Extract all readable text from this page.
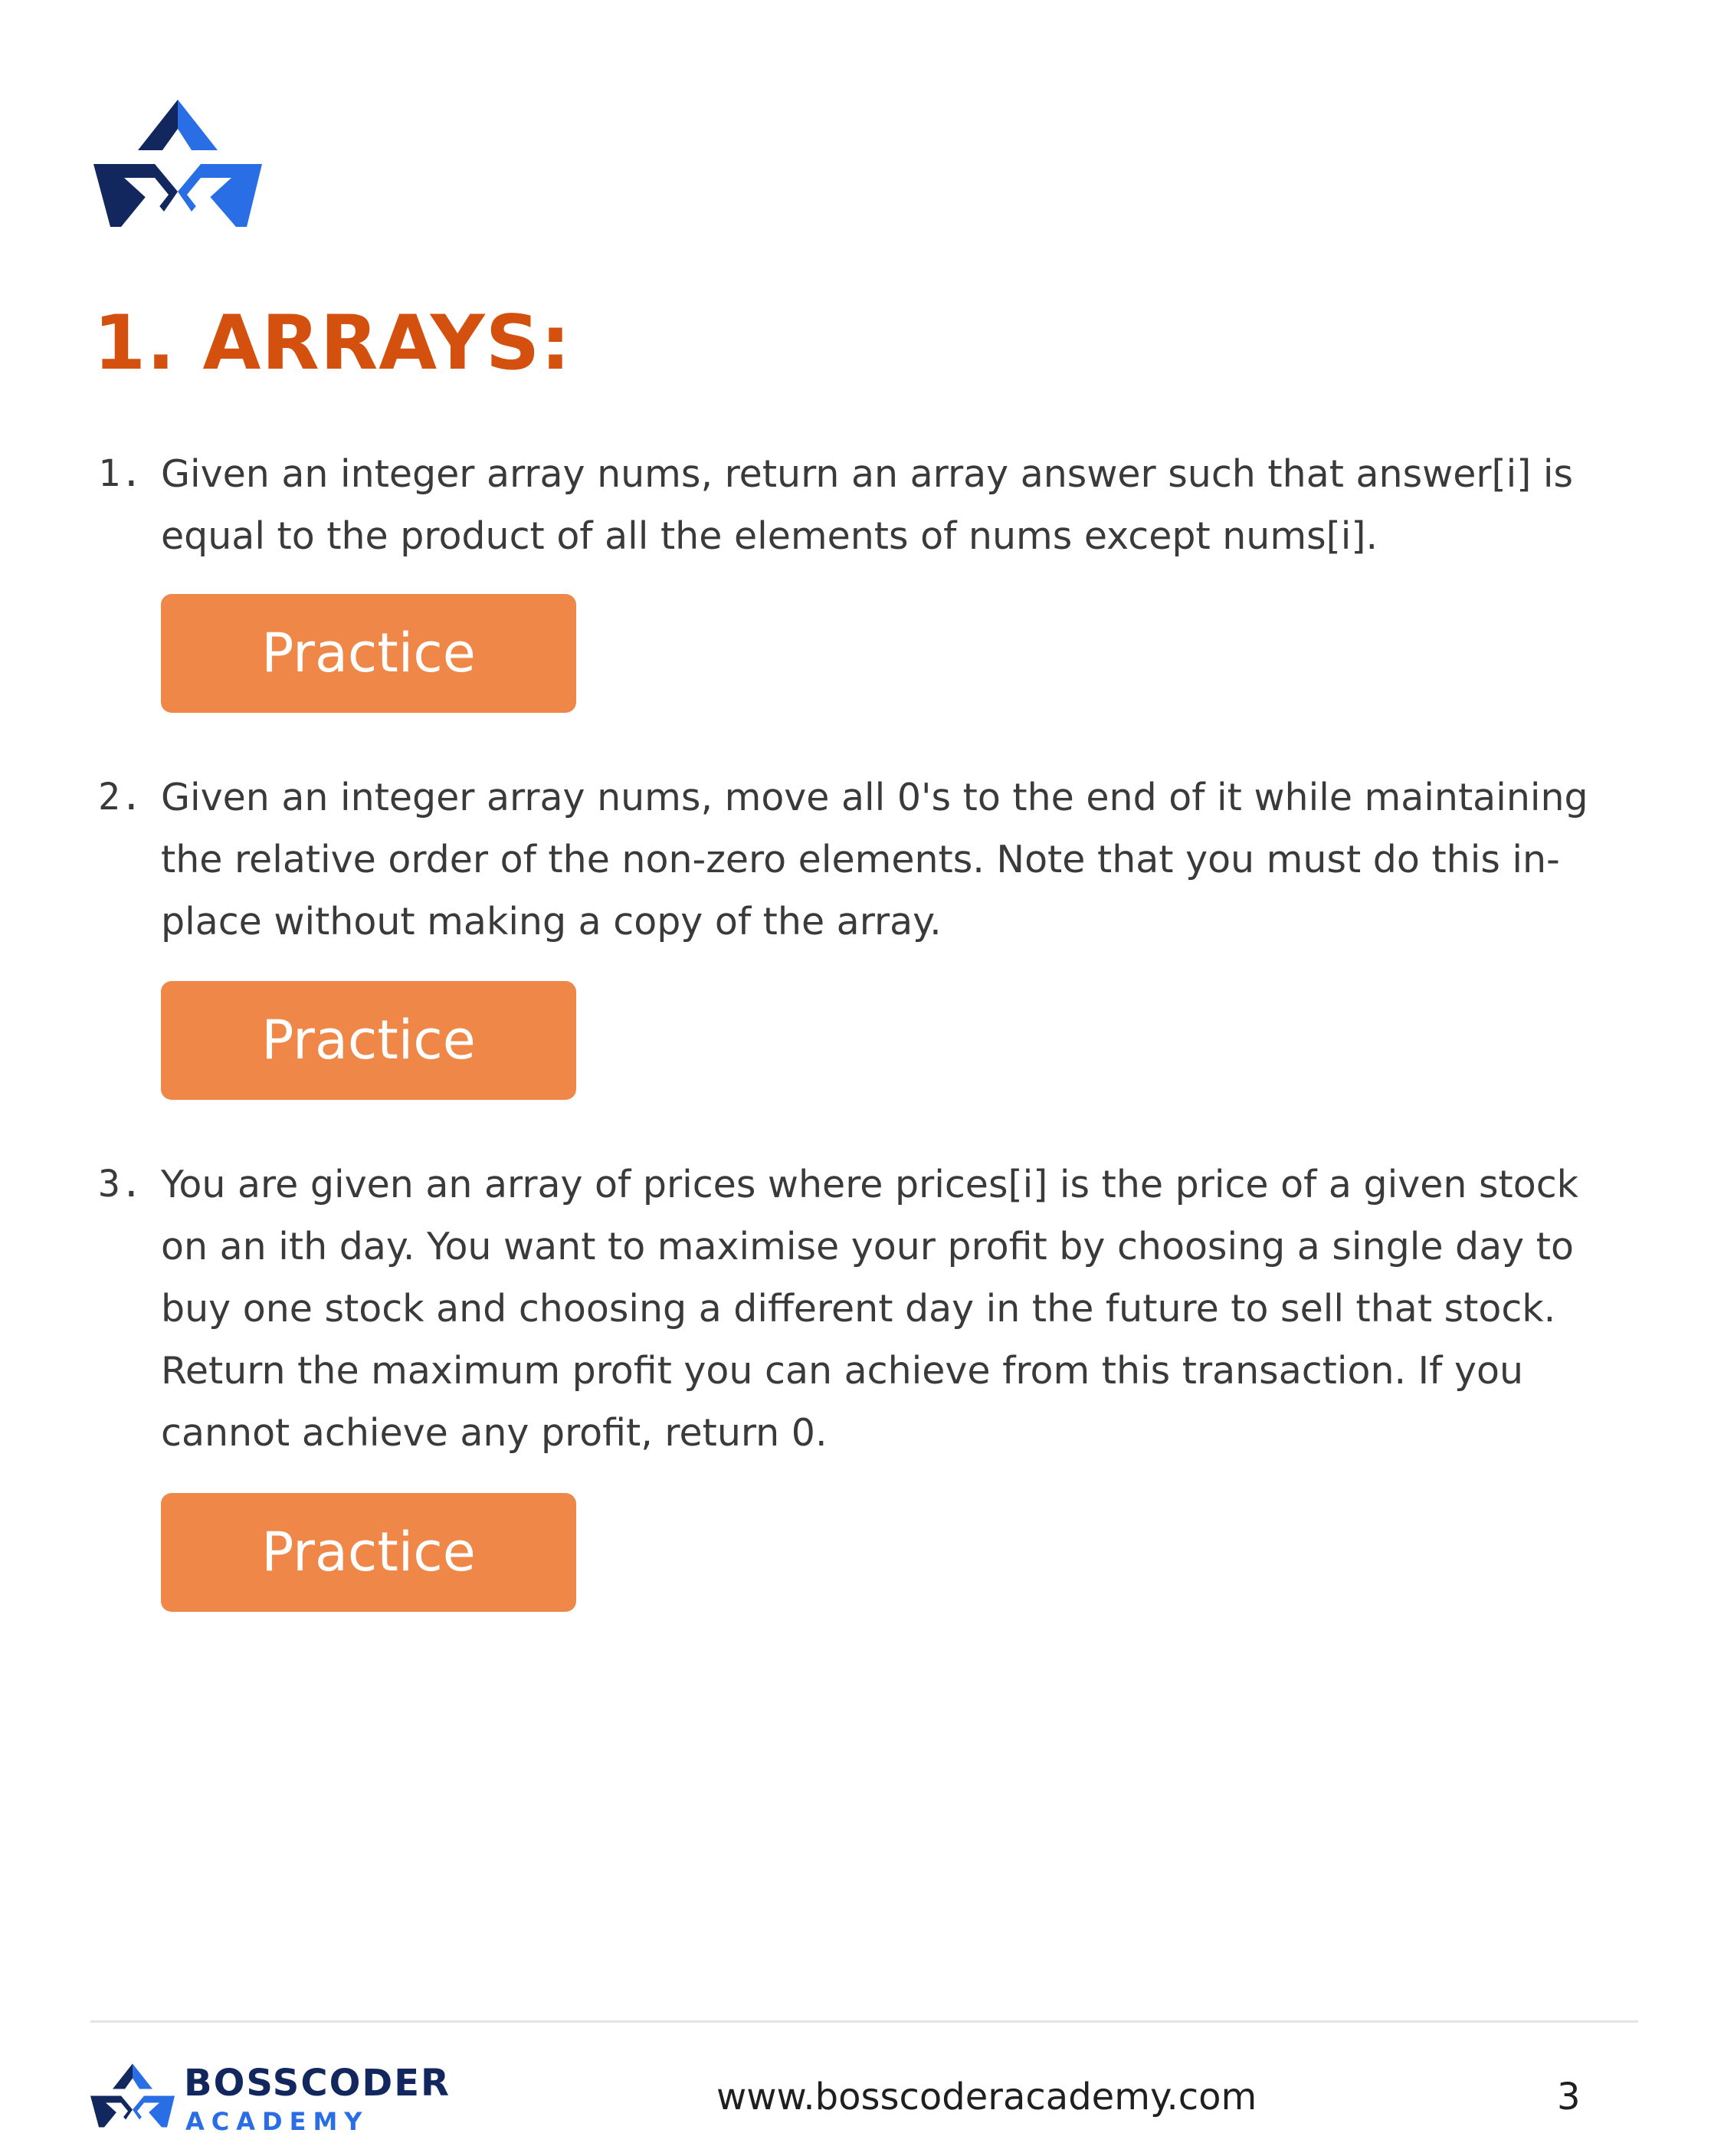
1. ARRAYS:
1. Given an integer array nums, return an array answer such that answer[i] is equal to the product of all the elements of nums except nums[i].

Practice
2. Given an integer array nums, move all 0's to the end of it while maintaining the relative order of the non-zero elements. Note that you must do this in-place without making a copy of the array.

Practice
3. You are given an array of prices where prices[i] is the price of a given stock on an ith day. You want to maximise your profit by choosing a single day to buy one stock and choosing a different day in the future to sell that stock. Return the maximum profit you can achieve from this transaction. If you cannot achieve any profit, return 0.

Practice
BOSSCODER
ACADEMY
www.bosscoderacademy.com	3
